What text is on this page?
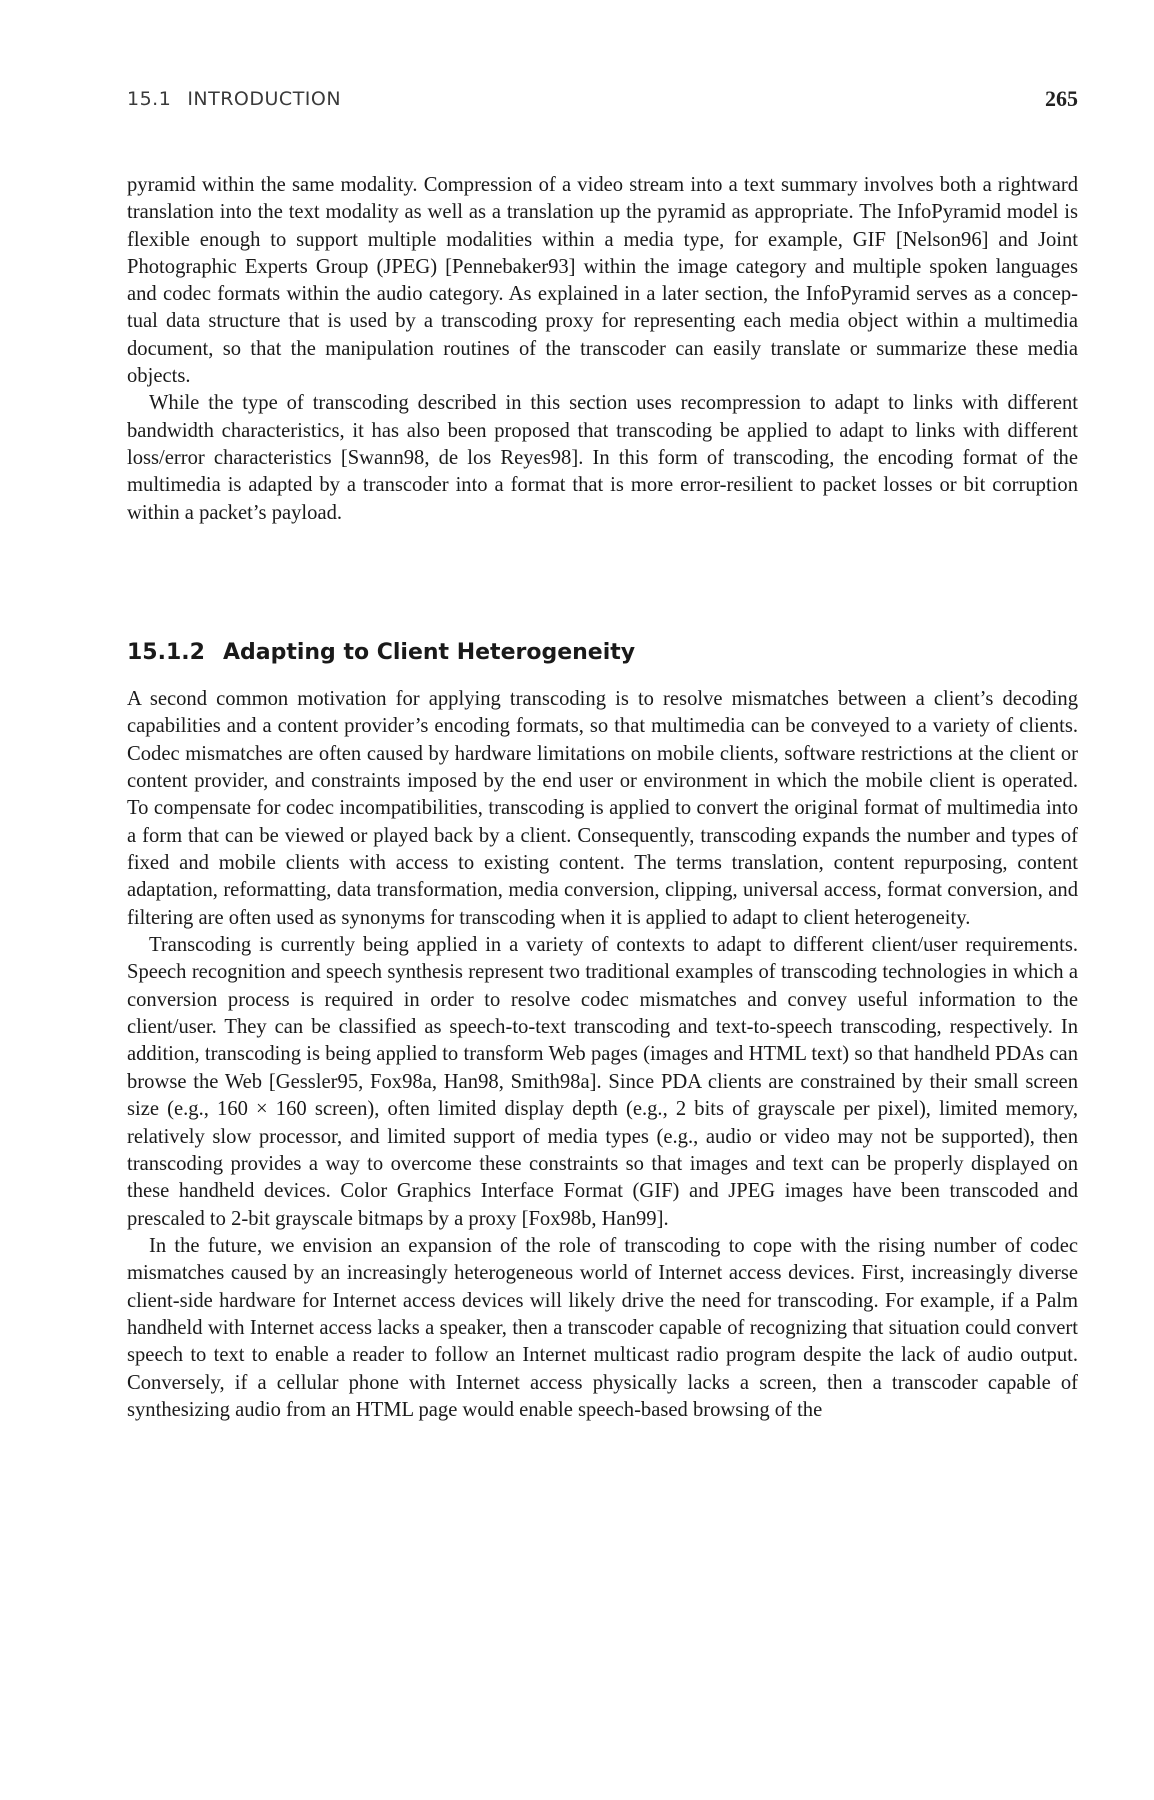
15.1 INTRODUCTION	265

pyramid within the same modality. Compression of a video stream into a text summary involves both a rightward translation into the text modality as well as a translation up the pyramid as appropriate. The InfoPyramid model is flexible enough to support multiple modalities within a media type, for example, GIF [Nelson96] and Joint Photographic Experts Group (JPEG) [Pennebaker93] within the image category and multiple spoken languages and codec formats within the audio category. As explained in a later section, the InfoPyramid serves as a conceptual data structure that is used by a transcoding proxy for representing each media object within a multimedia document, so that the manipulation routines of the transcoder can easily translate or summarize these media objects.

While the type of transcoding described in this section uses recompression to adapt to links with different bandwidth characteristics, it has also been proposed that transcoding be applied to adapt to links with different loss/error characteristics [Swann98, de los Reyes98]. In this form of transcoding, the encoding format of the multimedia is adapted by a transcoder into a format that is more error-resilient to packet losses or bit corruption within a packet’s payload.

15.1.2 Adapting to Client Heterogeneity

A second common motivation for applying transcoding is to resolve mismatches between a client’s decoding capabilities and a content provider’s encoding formats, so that multimedia can be conveyed to a variety of clients. Codec mismatches are often caused by hardware limitations on mobile clients, software restrictions at the client or content provider, and constraints imposed by the end user or environment in which the mobile client is operated. To compensate for codec incompatibilities, transcoding is applied to convert the original format of multimedia into a form that can be viewed or played back by a client. Consequently, transcoding expands the number and types of fixed and mobile clients with access to existing content. The terms translation, content repurposing, content adaptation, reformatting, data transformation, media conversion, clipping, universal access, format conversion, and filtering are often used as synonyms for transcoding when it is applied to adapt to client heterogeneity.

Transcoding is currently being applied in a variety of contexts to adapt to different client/user requirements. Speech recognition and speech synthesis represent two traditional examples of transcoding technologies in which a conversion process is required in order to resolve codec mismatches and convey useful information to the client/user. They can be classified as speech-to-text transcoding and text-to-speech transcoding, respectively. In addition, transcoding is being applied to transform Web pages (images and HTML text) so that handheld PDAs can browse the Web [Gessler95, Fox98a, Han98, Smith98a]. Since PDA clients are constrained by their small screen size (e.g., 160 × 160 screen), often limited display depth (e.g., 2 bits of grayscale per pixel), limited memory, relatively slow processor, and limited support of media types (e.g., audio or video may not be supported), then transcoding provides a way to overcome these constraints so that images and text can be properly displayed on these handheld devices. Color Graphics Interface Format (GIF) and JPEG images have been transcoded and prescaled to 2-bit grayscale bitmaps by a proxy [Fox98b, Han99].

In the future, we envision an expansion of the role of transcoding to cope with the rising number of codec mismatches caused by an increasingly heterogeneous world of Internet access devices. First, increasingly diverse client-side hardware for Internet access devices will likely drive the need for transcoding. For example, if a Palm handheld with Internet access lacks a speaker, then a transcoder capable of recognizing that situation could convert speech to text to enable a reader to follow an Internet multicast radio program despite the lack of audio output. Conversely, if a cellular phone with Internet access physically lacks a screen, then a transcoder capable of synthesizing audio from an HTML page would enable speech-based browsing of the
